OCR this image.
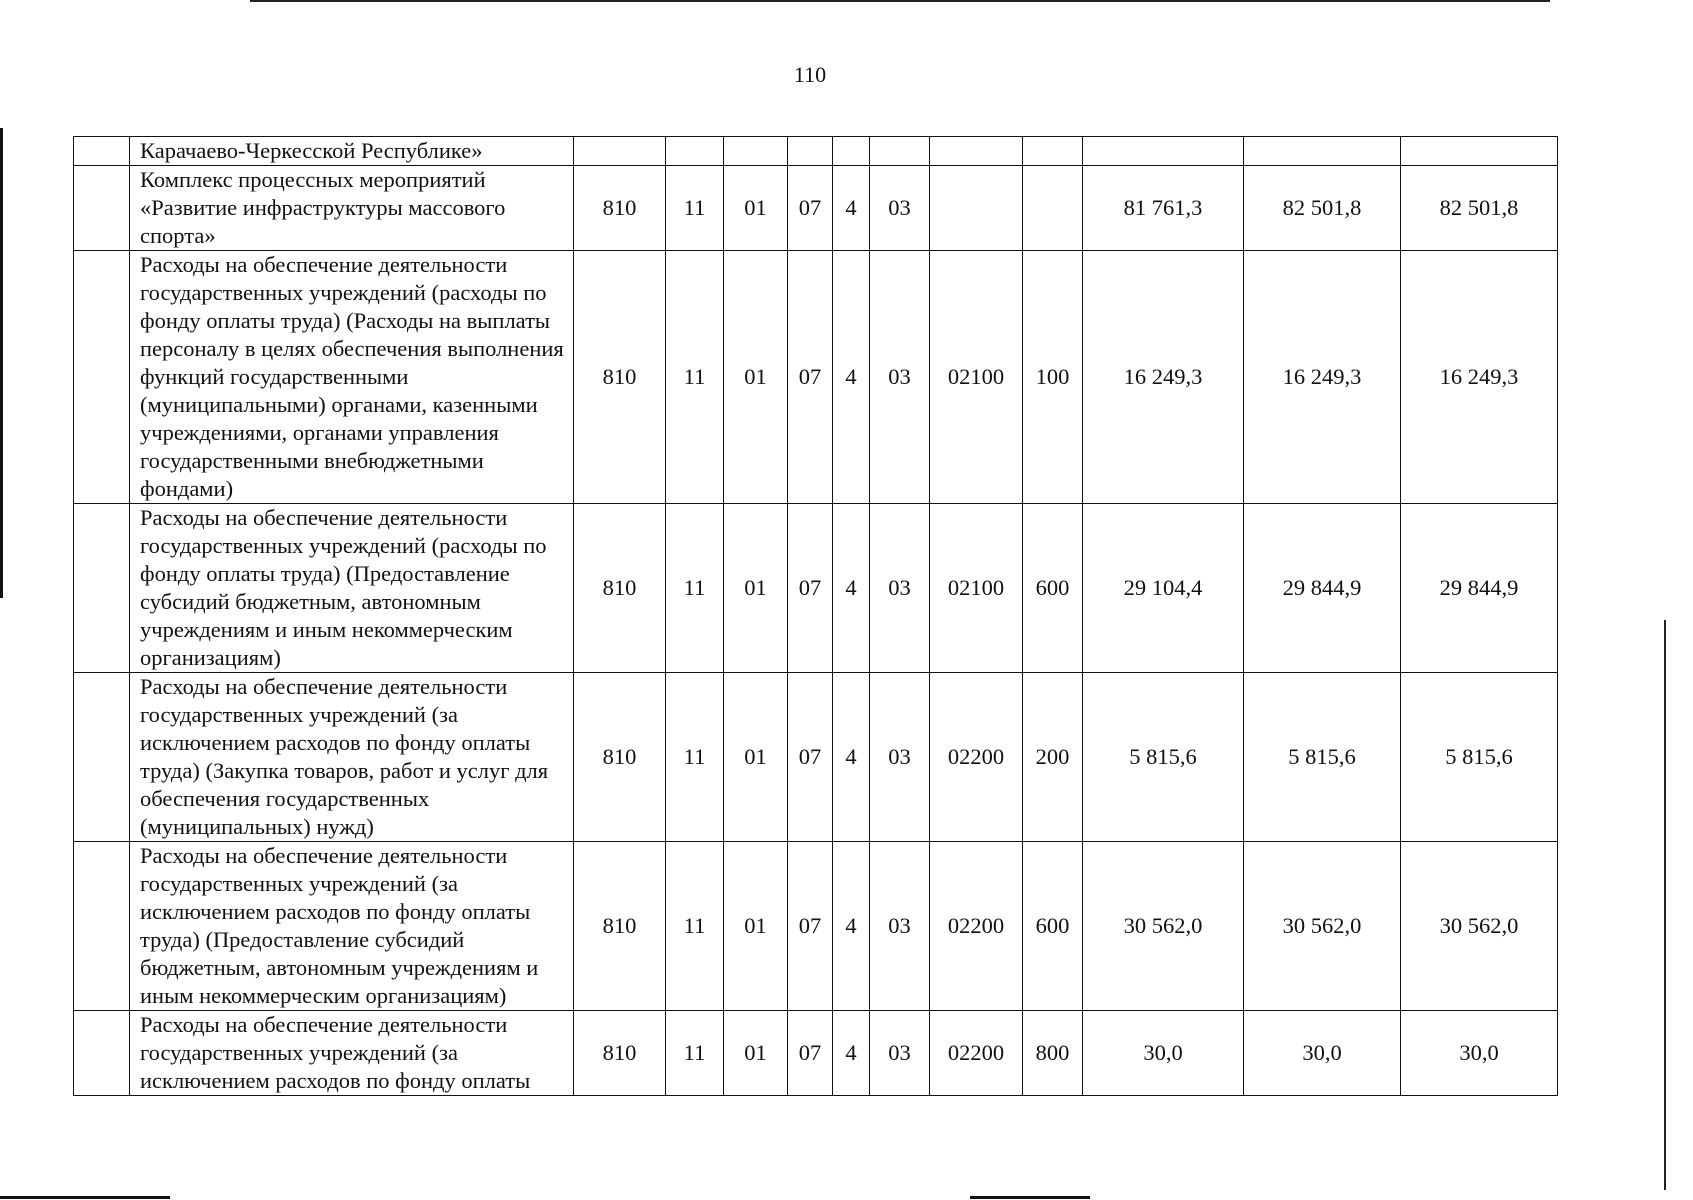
110
	Карачаево-Черкесской Республике»											
	Комплекс процессных мероприятий «Развитие инфраструктуры массового спорта»	810	11	01	07	4	03			81 761,3	82 501,8	82 501,8
	Расходы на обеспечение деятельности государственных учреждений (расходы по фонду оплаты труда) (Расходы на выплаты персоналу в целях обеспечения выполнения функций государственными (муниципальными) органами, казенными учреждениями, органами управления государственными внебюджетными фондами)	810	11	01	07	4	03	02100	100	16 249,3	16 249,3	16 249,3
	Расходы на обеспечение деятельности государственных учреждений (расходы по фонду оплаты труда) (Предоставление субсидий бюджетным, автономным учреждениям и иным некоммерческим организациям)	810	11	01	07	4	03	02100	600	29 104,4	29 844,9	29 844,9
	Расходы на обеспечение деятельности государственных учреждений (за исключением расходов по фонду оплаты труда) (Закупка товаров, работ и услуг для обеспечения государственных (муниципальных) нужд)	810	11	01	07	4	03	02200	200	5 815,6	5 815,6	5 815,6
	Расходы на обеспечение деятельности государственных учреждений (за исключением расходов по фонду оплаты труда) (Предоставление субсидий бюджетным, автономным учреждениям и иным некоммерческим организациям)	810	11	01	07	4	03	02200	600	30 562,0	30 562,0	30 562,0
	Расходы на обеспечение деятельности государственных учреждений (за исключением расходов по фонду оплаты	810	11	01	07	4	03	02200	800	30,0	30,0	30,0
